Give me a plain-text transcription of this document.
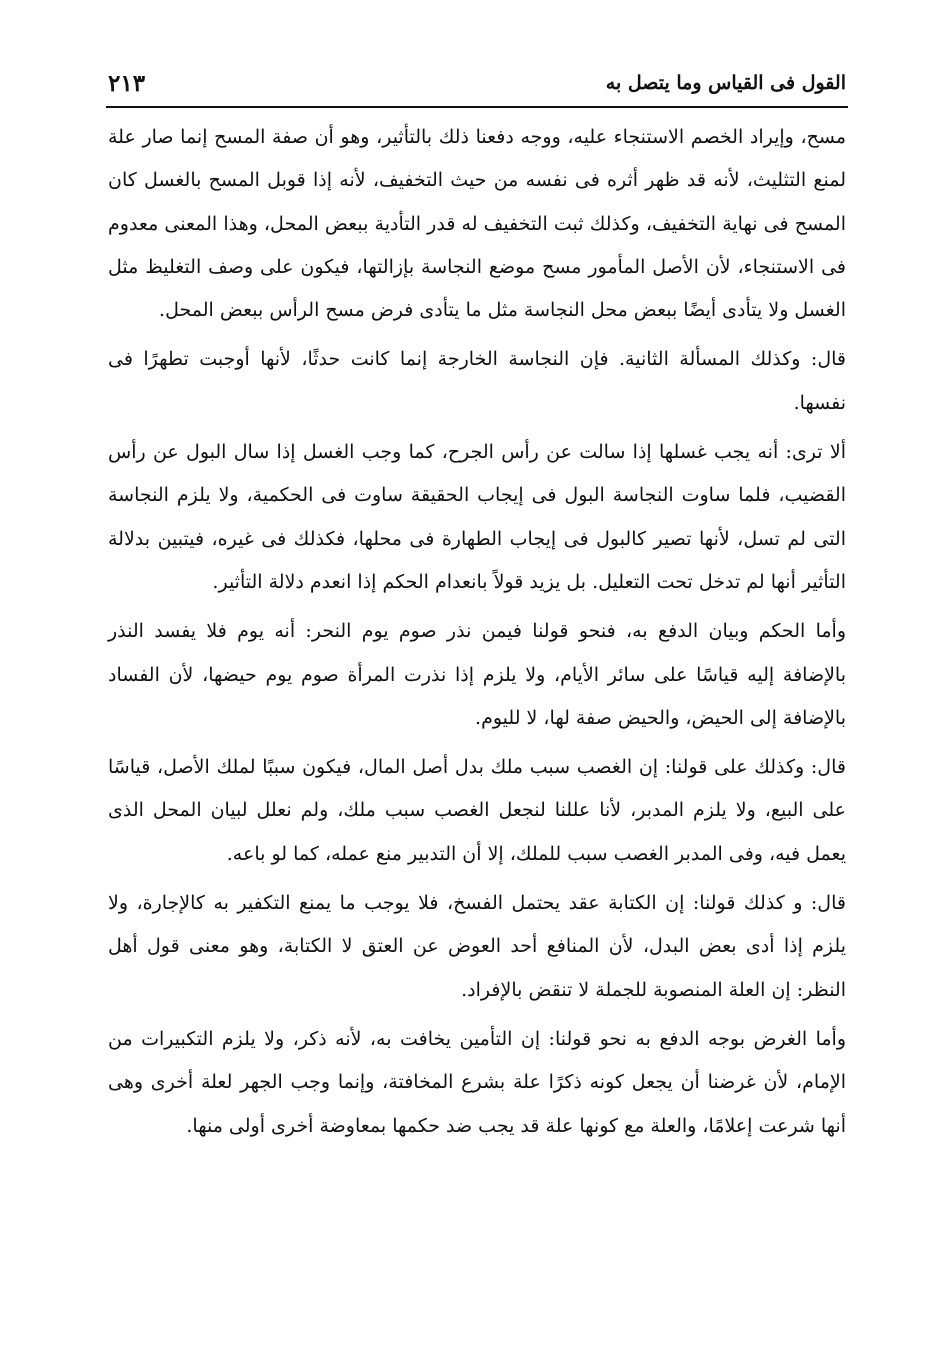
القول فى القياس وما يتصل به
٢١٣

مسح، وإيراد الخصم الاستنجاء عليه، ووجه دفعنا ذلك بالتأثير، وهو أن صفة المسح إنما صار علة لمنع التثليث، لأنه قد ظهر أثره فى نفسه من حيث التخفيف، لأنه إذا قوبل المسح بالغسل كان المسح فى نهاية التخفيف، وكذلك ثبت التخفيف له قدر التأدية ببعض المحل، وهذا المعنى معدوم فى الاستنجاء، لأن الأصل المأمور مسح موضع النجاسة بإزالتها، فيكون على وصف التغليظ مثل الغسل ولا يتأدى أيضًا ببعض محل النجاسة مثل ما يتأدى فرض مسح الرأس ببعض المحل.

قال: وكذلك المسألة الثانية. فإن النجاسة الخارجة إنما كانت حدثًا، لأنها أوجبت تطهرًا فى نفسها.

ألا ترى: أنه يجب غسلها إذا سالت عن رأس الجرح، كما وجب الغسل إذا سال البول عن رأس القضيب، فلما ساوت النجاسة البول فى إيجاب الحقيقة ساوت فى الحكمية، ولا يلزم النجاسة التى لم تسل، لأنها تصير كالبول فى إيجاب الطهارة فى محلها، فكذلك فى غيره، فيتبين بدلالة التأثير أنها لم تدخل تحت التعليل. بل يزيد قولاً بانعدام الحكم إذا انعدم دلالة التأثير.

وأما الحكم وبيان الدفع به، فنحو قولنا فيمن نذر صوم يوم النحر: أنه يوم فلا يفسد النذر بالإضافة إليه قياسًا على سائر الأيام، ولا يلزم إذا نذرت المرأة صوم يوم حيضها، لأن الفساد بالإضافة إلى الحيض، والحيض صفة لها، لا لليوم.

قال: وكذلك على قولنا: إن الغصب سبب ملك بدل أصل المال، فيكون سببًا لملك الأصل، قياسًا على البيع، ولا يلزم المدبر، لأنا عللنا لنجعل الغصب سبب ملك، ولم نعلل لبيان المحل الذى يعمل فيه، وفى المدبر الغصب سبب للملك، إلا أن التدبير منع عمله، كما لو باعه.

قال: و كذلك قولنا: إن الكتابة عقد يحتمل الفسخ، فلا يوجب ما يمنع التكفير به كالإجارة، ولا يلزم إذا أدى بعض البدل، لأن المنافع أحد العوض عن العتق لا الكتابة، وهو معنى قول أهل النظر: إن العلة المنصوبة للجملة لا تنقض بالإفراد.

وأما الغرض بوجه الدفع به نحو قولنا: إن التأمين يخافت به، لأنه ذكر، ولا يلزم التكبيرات من الإمام، لأن غرضنا أن يجعل كونه ذكرًا علة بشرع المخافتة، وإنما وجب الجهر لعلة أخرى وهى أنها شرعت إعلامًا، والعلة مع كونها علة قد يجب ضد حكمها بمعاوضة أخرى أولى منها.
